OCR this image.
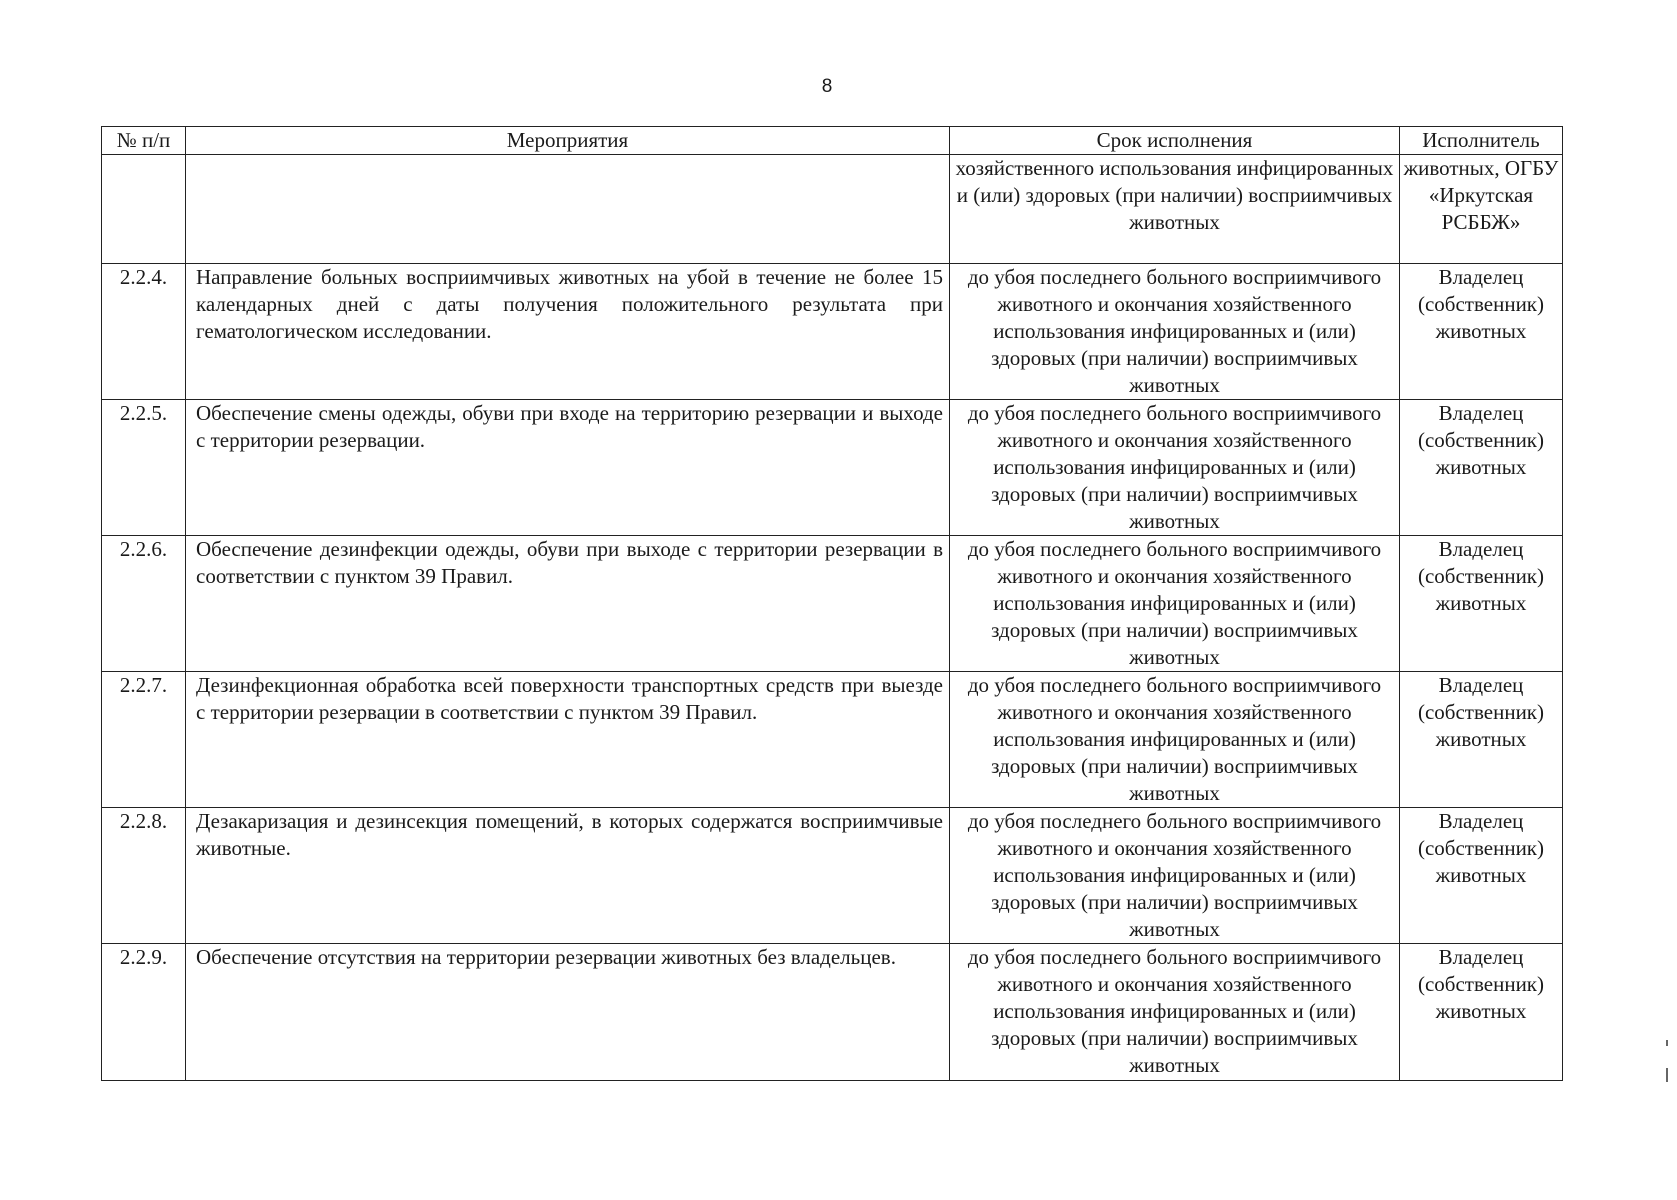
8
№ п/п	Мероприятия	Срок исполнения	Исполнитель
		хозяйственного использования инфицированных и (или) здоровых (при наличии) восприимчивых животных	животных, ОГБУ «Иркутская РСББЖ»
2.2.4.	Направление больных восприимчивых животных на убой в течение не более 15 календарных дней с даты получения положительного результата при гематологическом исследовании.	до убоя последнего больного восприимчивого животного и окончания хозяйственного использования инфицированных и (или) здоровых (при наличии) восприимчивых животных	Владелец (собственник) животных
2.2.5.	Обеспечение смены одежды, обуви при входе на территорию резервации и выходе с территории резервации.	до убоя последнего больного восприимчивого животного и окончания хозяйственного использования инфицированных и (или) здоровых (при наличии) восприимчивых животных	Владелец (собственник) животных
2.2.6.	Обеспечение дезинфекции одежды, обуви при выходе с территории резервации в соответствии с пунктом 39 Правил.	до убоя последнего больного восприимчивого животного и окончания хозяйственного использования инфицированных и (или) здоровых (при наличии) восприимчивых животных	Владелец (собственник) животных
2.2.7.	Дезинфекционная обработка всей поверхности транспортных средств при выезде с территории резервации в соответствии с пунктом 39 Правил.	до убоя последнего больного восприимчивого животного и окончания хозяйственного использования инфицированных и (или) здоровых (при наличии) восприимчивых животных	Владелец (собственник) животных
2.2.8.	Дезакаризация и дезинсекция помещений, в которых содержатся восприимчивые животные.	до убоя последнего больного восприимчивого животного и окончания хозяйственного использования инфицированных и (или) здоровых (при наличии) восприимчивых животных	Владелец (собственник) животных
2.2.9.	Обеспечение отсутствия на территории резервации животных без владельцев.	до убоя последнего больного восприимчивого животного и окончания хозяйственного использования инфицированных и (или) здоровых (при наличии) восприимчивых животных	Владелец (собственник) животных
